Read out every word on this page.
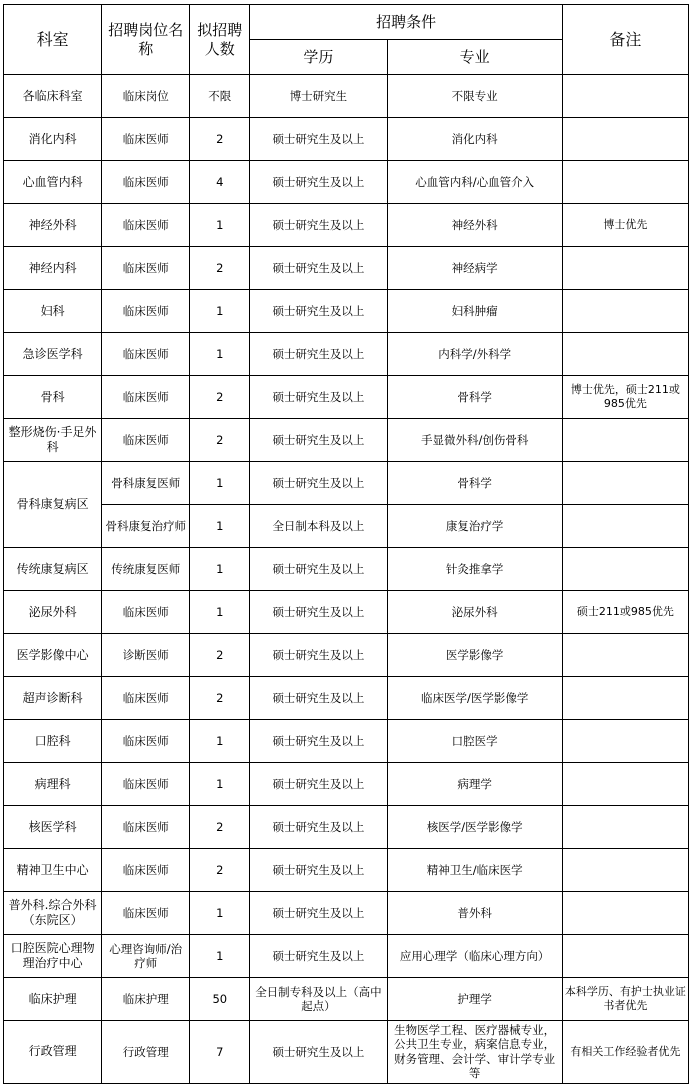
科室	招聘岗位名称	拟招聘人数	招聘条件		备注
			学历	专业	
各临床科室	临床岗位	不限	博士研究生	不限专业	
消化内科	临床医师	2	硕士研究生及以上	消化内科	
心血管内科	临床医师	4	硕士研究生及以上	心血管内科/心血管介入	
神经外科	临床医师	1	硕士研究生及以上	神经外科	博士优先
神经内科	临床医师	2	硕士研究生及以上	神经病学	
妇科	临床医师	1	硕士研究生及以上	妇科肿瘤	
急诊医学科	临床医师	1	硕士研究生及以上	内科学/外科学	
骨科	临床医师	2	硕士研究生及以上	骨科学	博士优先，硕士211或985优先
整形烧伤·手足外科	临床医师	2	硕士研究生及以上	手显微外科/创伤骨科	
骨科康复病区	骨科康复医师	1	硕士研究生及以上	骨科学	
	骨科康复治疗师	1	全日制本科及以上	康复治疗学	
传统康复病区	传统康复医师	1	硕士研究生及以上	针灸推拿学	
泌尿外科	临床医师	1	硕士研究生及以上	泌尿外科	硕士211或985优先
医学影像中心	诊断医师	2	硕士研究生及以上	医学影像学	
超声诊断科	临床医师	2	硕士研究生及以上	临床医学/医学影像学	
口腔科	临床医师	1	硕士研究生及以上	口腔医学	
病理科	临床医师	1	硕士研究生及以上	病理学	
核医学科	临床医师	2	硕士研究生及以上	核医学/医学影像学	
精神卫生中心	临床医师	2	硕士研究生及以上	精神卫生/临床医学	
普外科.综合外科（东院区）	临床医师	1	硕士研究生及以上	普外科	
口腔医院心理物理治疗中心	心理咨询师/治疗师	1	硕士研究生及以上	应用心理学（临床心理方向）	
临床护理	临床护理	50	全日制专科及以上（高中起点）	护理学	本科学历、有护士执业证书者优先
行政管理	行政管理	7	硕士研究生及以上	生物医学工程、医疗器械专业，公共卫生专业，病案信息专业，财务管理、会计学、审计学专业等	有相关工作经验者优先
